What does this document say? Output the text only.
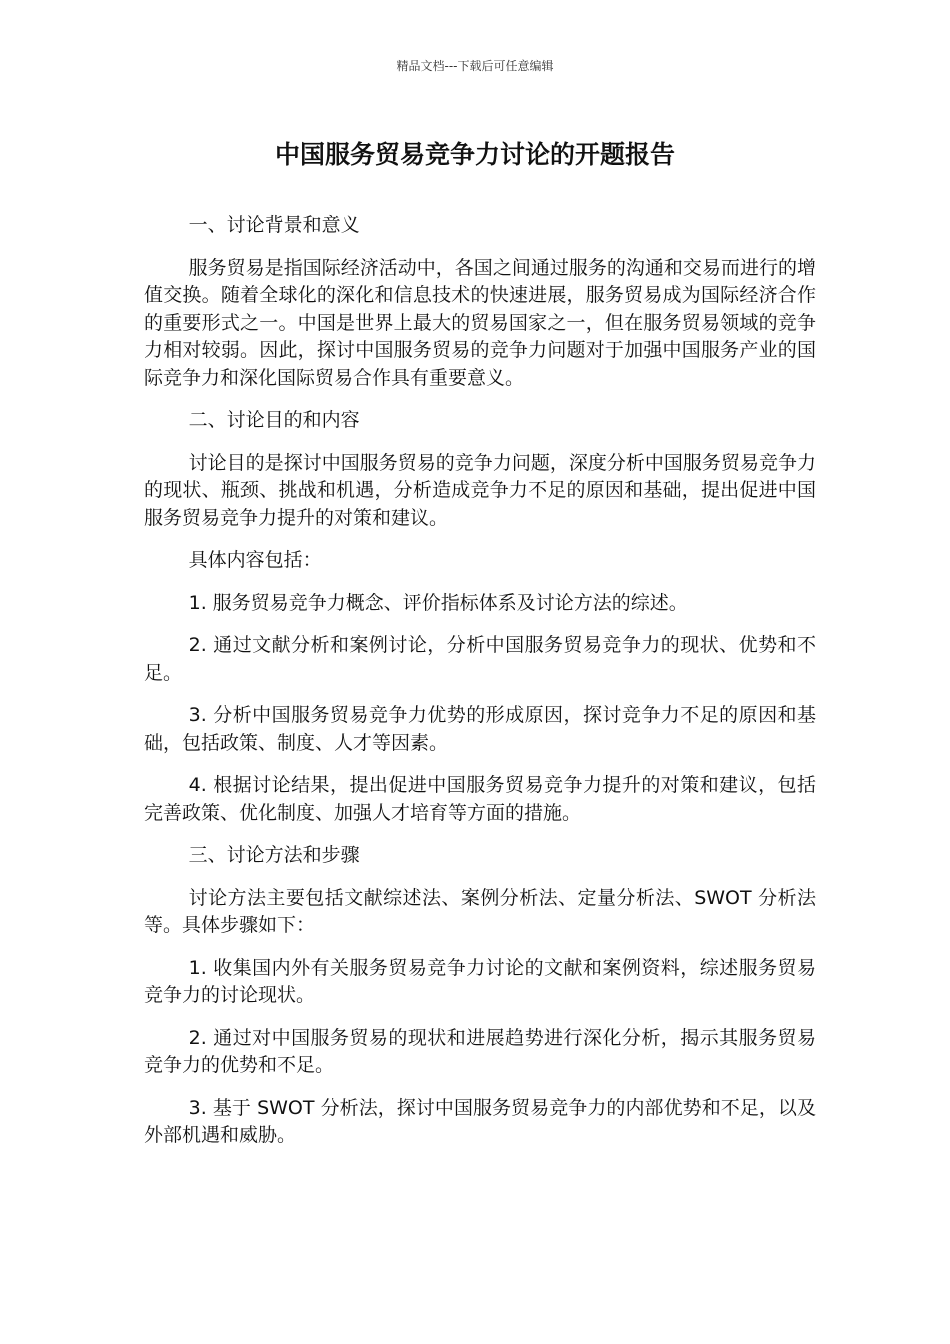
精品文档---下载后可任意编辑
中国服务贸易竞争力讨论的开题报告

一、讨论背景和意义

服务贸易是指国际经济活动中，各国之间通过服务的沟通和交易而进行的增值交换。随着全球化的深化和信息技术的快速进展，服务贸易成为国际经济合作的重要形式之一。中国是世界上最大的贸易国家之一，但在服务贸易领域的竞争力相对较弱。因此，探讨中国服务贸易的竞争力问题对于加强中国服务产业的国际竞争力和深化国际贸易合作具有重要意义。

二、讨论目的和内容

讨论目的是探讨中国服务贸易的竞争力问题，深度分析中国服务贸易竞争力的现状、瓶颈、挑战和机遇，分析造成竞争力不足的原因和基础，提出促进中国服务贸易竞争力提升的对策和建议。

具体内容包括：

1. 服务贸易竞争力概念、评价指标体系及讨论方法的综述。

2. 通过文献分析和案例讨论，分析中国服务贸易竞争力的现状、优势和不足。

3. 分析中国服务贸易竞争力优势的形成原因，探讨竞争力不足的原因和基础，包括政策、制度、人才等因素。

4. 根据讨论结果，提出促进中国服务贸易竞争力提升的对策和建议，包括完善政策、优化制度、加强人才培育等方面的措施。

三、讨论方法和步骤

讨论方法主要包括文献综述法、案例分析法、定量分析法、SWOT 分析法等。具体步骤如下：

1. 收集国内外有关服务贸易竞争力讨论的文献和案例资料，综述服务贸易竞争力的讨论现状。

2. 通过对中国服务贸易的现状和进展趋势进行深化分析，揭示其服务贸易竞争力的优势和不足。

3. 基于 SWOT 分析法，探讨中国服务贸易竞争力的内部优势和不足，以及外部机遇和威胁。
